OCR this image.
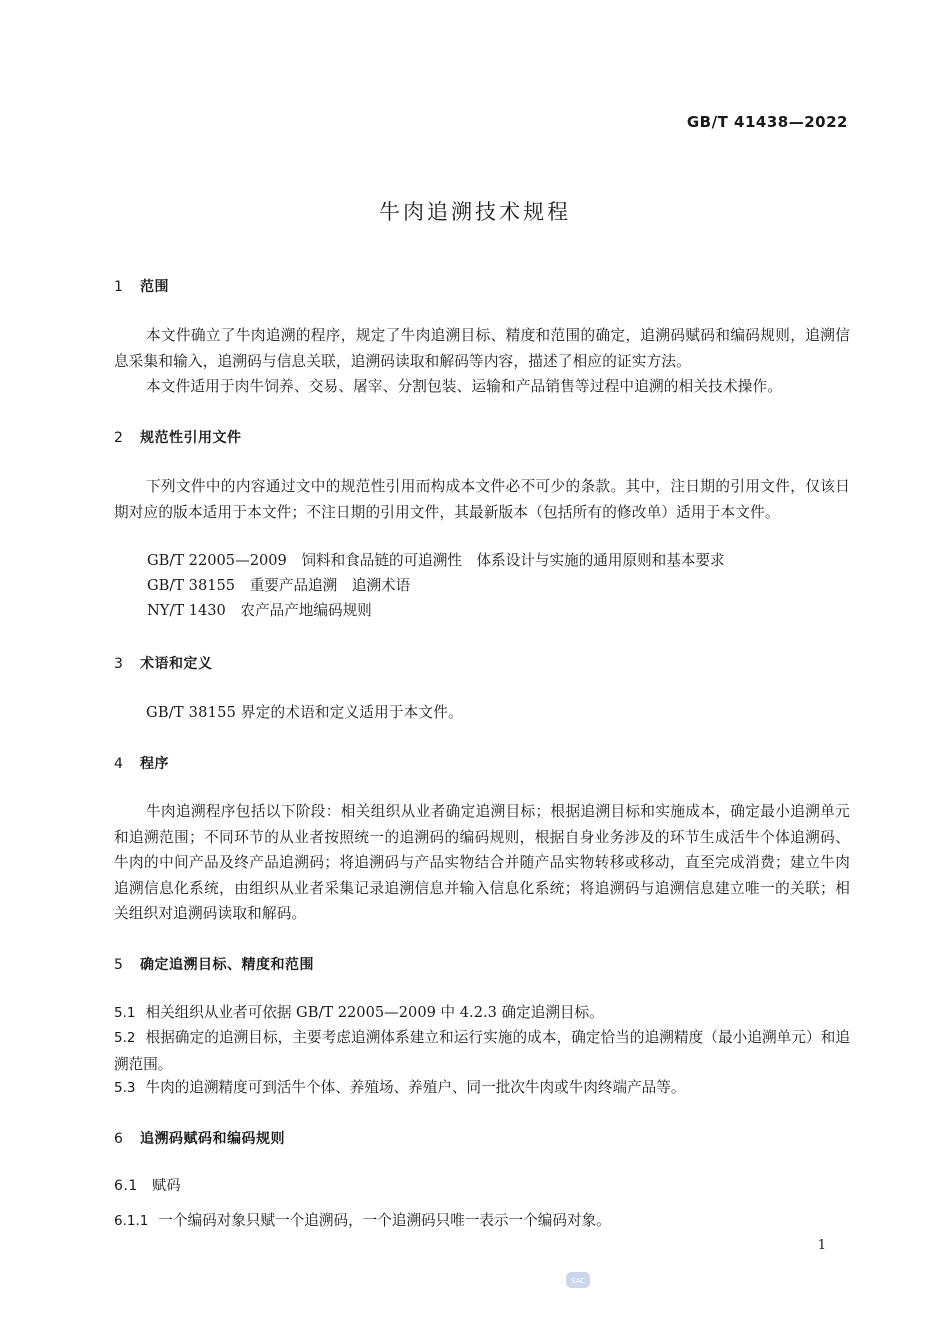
GB/T 41438—2022
牛肉追溯技术规程
1 范围
本文件确立了牛肉追溯的程序，规定了牛肉追溯目标、精度和范围的确定，追溯码赋码和编码规则，追溯信息采集和输入，追溯码与信息关联，追溯码读取和解码等内容，描述了相应的证实方法。
本文件适用于肉牛饲养、交易、屠宰、分割包装、运输和产品销售等过程中追溯的相关技术操作。
2 规范性引用文件
下列文件中的内容通过文中的规范性引用而构成本文件必不可少的条款。其中，注日期的引用文件，仅该日期对应的版本适用于本文件；不注日期的引用文件，其最新版本（包括所有的修改单）适用于本文件。
GB/T 22005—2009　饲料和食品链的可追溯性　体系设计与实施的通用原则和基本要求
GB/T 38155　重要产品追溯　追溯术语
NY/T 1430　农产品产地编码规则
3 术语和定义
GB/T 38155 界定的术语和定义适用于本文件。
4 程序
牛肉追溯程序包括以下阶段：相关组织从业者确定追溯目标；根据追溯目标和实施成本，确定最小追溯单元和追溯范围；不同环节的从业者按照统一的追溯码的编码规则，根据自身业务涉及的环节生成活牛个体追溯码、牛肉的中间产品及终产品追溯码；将追溯码与产品实物结合并随产品实物转移或移动，直至完成消费；建立牛肉追溯信息化系统，由组织从业者采集记录追溯信息并输入信息化系统；将追溯码与追溯信息建立唯一的关联；相关组织对追溯码读取和解码。
5 确定追溯目标、精度和范围
5.1 相关组织从业者可依据 GB/T 22005—2009 中 4.2.3 确定追溯目标。
5.2 根据确定的追溯目标，主要考虑追溯体系建立和运行实施的成本，确定恰当的追溯精度（最小追溯单元）和追溯范围。
5.3 牛肉的追溯精度可到活牛个体、养殖场、养殖户、同一批次牛肉或牛肉终端产品等。
6 追溯码赋码和编码规则
6.1 赋码
6.1.1 一个编码对象只赋一个追溯码，一个追溯码只唯一表示一个编码对象。
1
SAC
